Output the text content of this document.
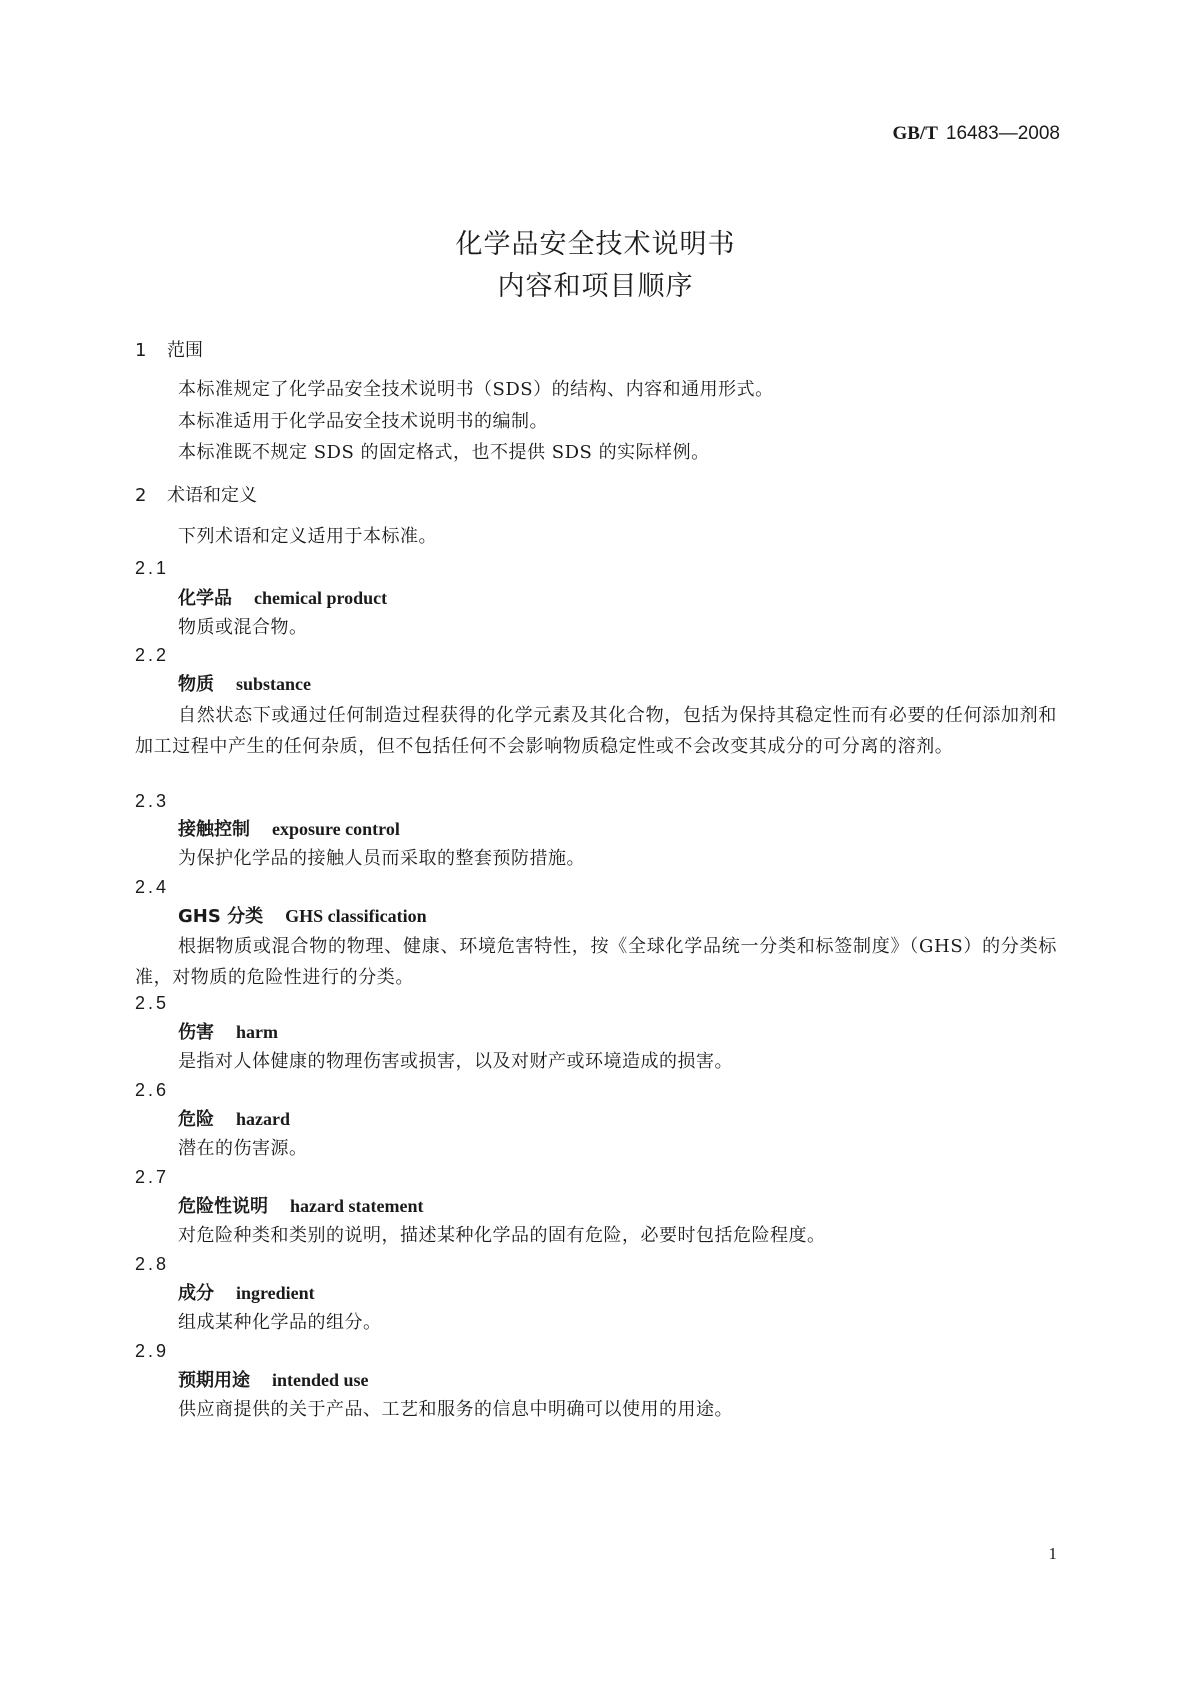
GB/T 16483—2008
化学品安全技术说明书
内容和项目顺序
1 范围
本标准规定了化学品安全技术说明书（SDS）的结构、内容和通用形式。
本标准适用于化学品安全技术说明书的编制。
本标准既不规定 SDS 的固定格式，也不提供 SDS 的实际样例。
2 术语和定义
下列术语和定义适用于本标准。
2.1
化学品 chemical product
物质或混合物。
2.2
物质 substance
自然状态下或通过任何制造过程获得的化学元素及其化合物，包括为保持其稳定性而有必要的任何添加剂和加工过程中产生的任何杂质，但不包括任何不会影响物质稳定性或不会改变其成分的可分离的溶剂。
2.3
接触控制 exposure control
为保护化学品的接触人员而采取的整套预防措施。
2.4
GHS 分类 GHS classification
根据物质或混合物的物理、健康、环境危害特性，按《全球化学品统一分类和标签制度》（GHS）的分类标准，对物质的危险性进行的分类。
2.5
伤害 harm
是指对人体健康的物理伤害或损害，以及对财产或环境造成的损害。
2.6
危险 hazard
潜在的伤害源。
2.7
危险性说明 hazard statement
对危险种类和类别的说明，描述某种化学品的固有危险，必要时包括危险程度。
2.8
成分 ingredient
组成某种化学品的组分。
2.9
预期用途 intended use
供应商提供的关于产品、工艺和服务的信息中明确可以使用的用途。
1
